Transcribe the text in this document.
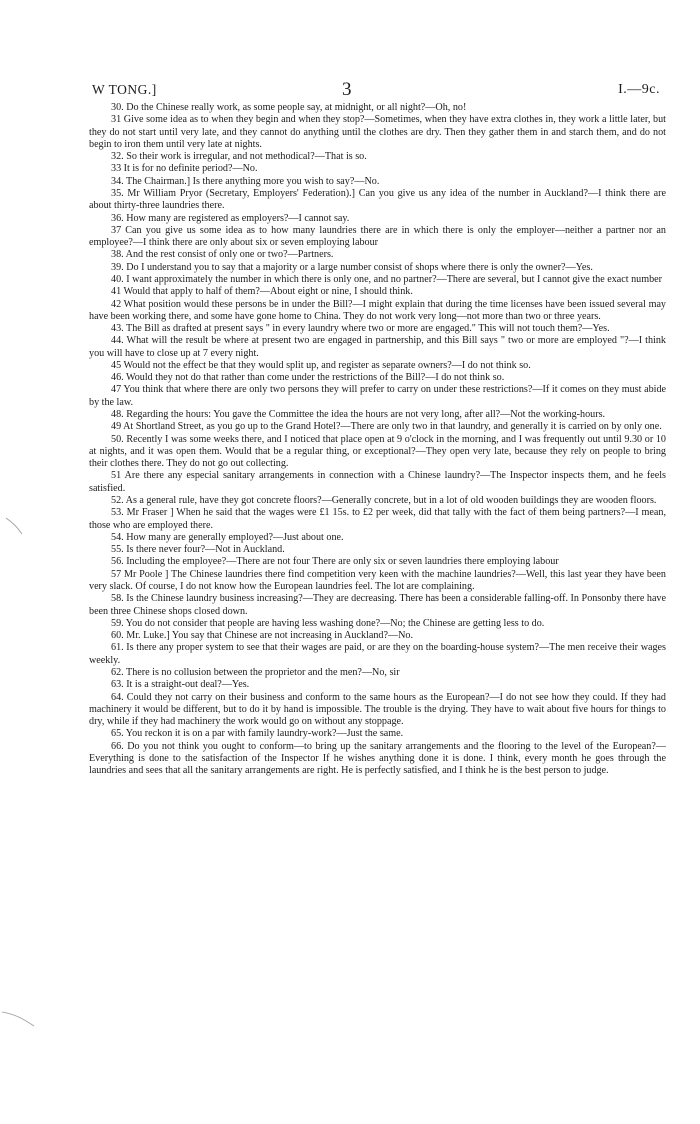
W TONG.]	3	I.—9c.

30. Do the Chinese really work, as some people say, at midnight, or all night?—Oh, no!

31 Give some idea as to when they begin and when they stop?—Sometimes, when they have extra clothes in, they work a little later, but they do not start until very late, and they cannot do anything until the clothes are dry. Then they gather them in and starch them, and do not begin to iron them until very late at nights.

32. So their work is irregular, and not methodical?—That is so.

33 It is for no definite period?—No.

34. The Chairman.] Is there anything more you wish to say?—No.

35. Mr William Pryor (Secretary, Employers' Federation).] Can you give us any idea of the number in Auckland?—I think there are about thirty-three laundries there.

36. How many are registered as employers?—I cannot say.

37 Can you give us some idea as to how many laundries there are in which there is only the employer—neither a partner nor an employee?—I think there are only about six or seven employing labour

38. And the rest consist of only one or two?—Partners.

39. Do I understand you to say that a majority or a large number consist of shops where there is only the owner?—Yes.

40. I want approximately the number in which there is only one, and no partner?—There are several, but I cannot give the exact number

41 Would that apply to half of them?—About eight or nine, I should think.

42 What position would these persons be in under the Bill?—I might explain that during the time licenses have been issued several may have been working there, and some have gone home to China. They do not work very long—not more than two or three years.

43. The Bill as drafted at present says " in every laundry where two or more are engaged." This will not touch them?—Yes.

44. What will the result be where at present two are engaged in partnership, and this Bill says " two or more are employed "?—I think you will have to close up at 7 every night.

45 Would not the effect be that they would split up, and register as separate owners?—I do not think so.

46. Would they not do that rather than come under the restrictions of the Bill?—I do not think so.

47 You think that where there are only two persons they will prefer to carry on under these restrictions?—If it comes on they must abide by the law.

48. Regarding the hours: You gave the Committee the idea the hours are not very long, after all?—Not the working-hours.

49 At Shortland Street, as you go up to the Grand Hotel?—There are only two in that laundry, and generally it is carried on by only one.

50. Recently I was some weeks there, and I noticed that place open at 9 o'clock in the morning, and I was frequently out until 9.30 or 10 at nights, and it was open them. Would that be a regular thing, or exceptional?—They open very late, because they rely on people to bring their clothes there. They do not go out collecting.

51 Are there any especial sanitary arrangements in connection with a Chinese laundry?—The Inspector inspects them, and he feels satisfied.

52. As a general rule, have they got concrete floors?—Generally concrete, but in a lot of old wooden buildings they are wooden floors.

53. Mr Fraser ] When he said that the wages were £1 15s. to £2 per week, did that tally with the fact of them being partners?—I mean, those who are employed there.

54. How many are generally employed?—Just about one.

55. Is there never four?—Not in Auckland.

56. Including the employee?—There are not four There are only six or seven laundries there employing labour

57 Mr Poole ] The Chinese laundries there find competition very keen with the machine laundries?—Well, this last year they have been very slack. Of course, I do not know how the European laundries feel. The lot are complaining.

58. Is the Chinese laundry business increasing?—They are decreasing. There has been a considerable falling-off. In Ponsonby there have been three Chinese shops closed down.

59. You do not consider that people are having less washing done?—No; the Chinese are getting less to do.

60. Mr. Luke.] You say that Chinese are not increasing in Auckland?—No.

61. Is there any proper system to see that their wages are paid, or are they on the boarding-house system?—The men receive their wages weekly.

62. There is no collusion between the proprietor and the men?—No, sir

63. It is a straight-out deal?—Yes.

64. Could they not carry on their business and conform to the same hours as the European?—I do not see how they could. If they had machinery it would be different, but to do it by hand is impossible. The trouble is the drying. They have to wait about five hours for things to dry, while if they had machinery the work would go on without any stoppage.

65. You reckon it is on a par with family laundry-work?—Just the same.

66. Do you not think you ought to conform—to bring up the sanitary arrangements and the flooring to the level of the European?—Everything is done to the satisfaction of the Inspector If he wishes anything done it is done. I think, every month he goes through the laundries and sees that all the sanitary arrangements are right. He is perfectly satisfied, and I think he is the best person to judge.
